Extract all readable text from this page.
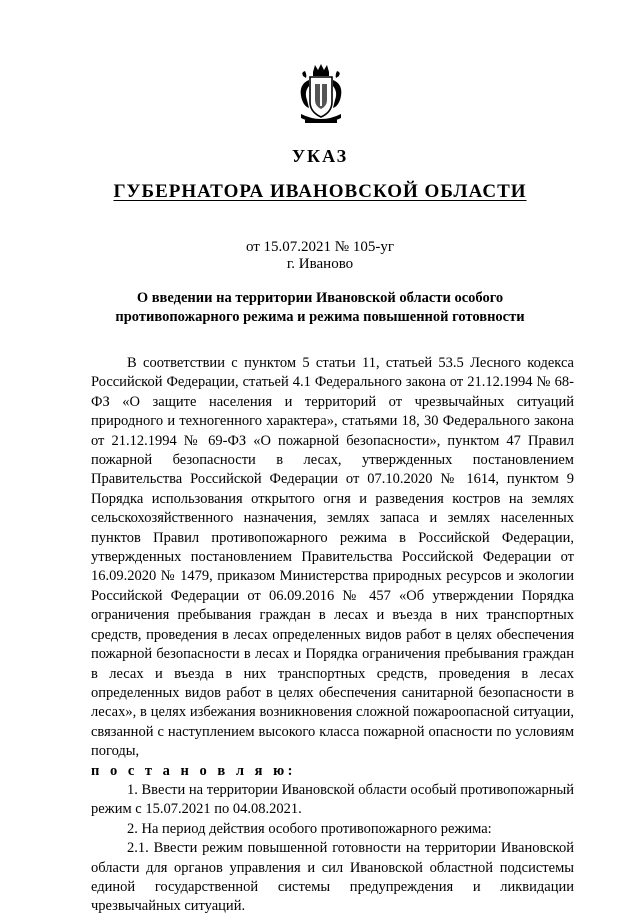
УКАЗ
ГУБЕРНАТОРА ИВАНОВСКОЙ ОБЛАСТИ
от 15.07.2021 № 105-уг
г. Иваново
О введении на территории Ивановской области особого
противопожарного режима и режима повышенной готовности

В соответствии с пунктом 5 статьи 11, статьей 53.5 Лесного кодекса Российской Федерации, статьей 4.1 Федерального закона от 21.12.1994 № 68-ФЗ «О защите населения и территорий от чрезвычайных ситуаций природного и техногенного характера», статьями 18, 30 Федерального закона от 21.12.1994 № 69-ФЗ «О пожарной безопасности», пунктом 47 Правил пожарной безопасности в лесах, утвержденных постановлением Правительства Российской Федерации от 07.10.2020 № 1614, пунктом 9 Порядка использования открытого огня и разведения костров на землях сельскохозяйственного назначения, землях запаса и землях населенных пунктов Правил противопожарного режима в Российской Федерации, утвержденных постановлением Правительства Российской Федерации от 16.09.2020 № 1479, приказом Министерства природных ресурсов и экологии Российской Федерации от 06.09.2016 № 457 «Об утверждении Порядка ограничения пребывания граждан в лесах и въезда в них транспортных средств, проведения в лесах определенных видов работ в целях обеспечения пожарной безопасности в лесах и Порядка ограничения пребывания граждан в лесах и въезда в них транспортных средств, проведения в лесах определенных видов работ в целях обеспечения санитарной безопасности в лесах», в целях избежания возникновения сложной пожароопасной ситуации, связанной с наступлением высокого класса пожарной опасности по условиям погоды,

п о с т а н о в л я ю:

1. Ввести на территории Ивановской области особый противопожарный режим с 15.07.2021 по 04.08.2021.

2. На период действия особого противопожарного режима:

2.1. Ввести режим повышенной готовности на территории Ивановской области для органов управления и сил Ивановской областной подсистемы единой государственной системы предупреждения и ликвидации чрезвычайных ситуаций.
